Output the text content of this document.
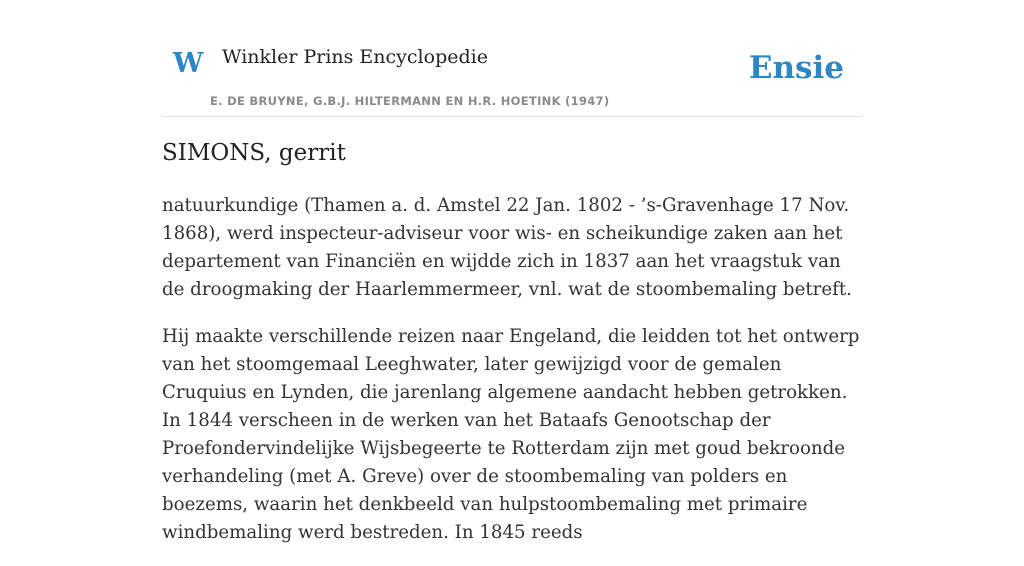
W Winkler Prins Encyclopedie
E. DE BRUYNE, G.B.J. HILTERMANN EN H.R. HOETINK (1947)
Ensie
SIMONS, gerrit

natuurkundige (Thamen a. d. Amstel 22 Jan. 1802 - ’s-Gravenhage 17 Nov. 1868), werd inspecteur-adviseur voor wis- en scheikundige zaken aan het departement van Financiën en wijdde zich in 1837 aan het vraagstuk van de droogmaking der Haarlemmermeer, vnl. wat de stoombemaling betreft.

Hij maakte verschillende reizen naar Engeland, die leidden tot het ontwerp van het stoomgemaal Leeghwater, later gewijzigd voor de gemalen Cruquius en Lynden, die jarenlang algemene aandacht hebben getrokken. In 1844 verscheen in de werken van het Bataafs Genootschap der Proefondervindelijke Wijsbegeerte te Rotterdam zijn met goud bekroonde verhandeling (met A. Greve) over de stoombemaling van polders en boezems, waarin het denkbeeld van hulpstoombemaling met primaire windbemaling werd bestreden. In 1845 reeds
